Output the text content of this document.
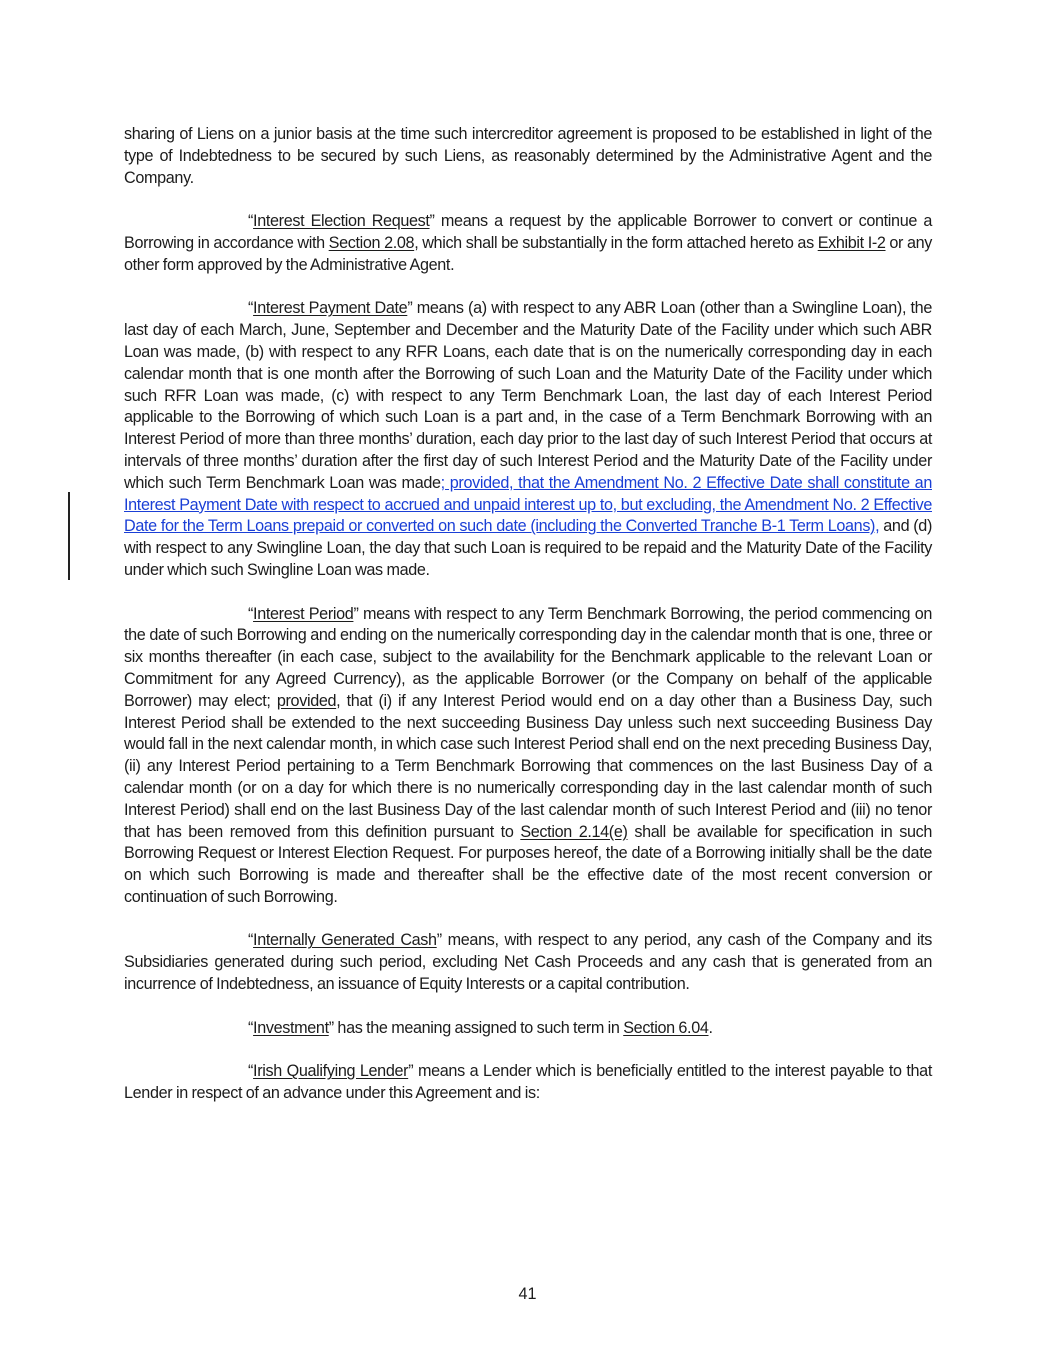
sharing of Liens on a junior basis at the time such intercreditor agreement is proposed to be established in light of the type of Indebtedness to be secured by such Liens, as reasonably determined by the Administrative Agent and the Company.

“Interest Election Request” means a request by the applicable Borrower to convert or continue a Borrowing in accordance with Section 2.08, which shall be substantially in the form attached hereto as Exhibit I-2 or any other form approved by the Administrative Agent.

“Interest Payment Date” means (a) with respect to any ABR Loan (other than a Swingline Loan), the last day of each March, June, September and December and the Maturity Date of the Facility under which such ABR Loan was made, (b) with respect to any RFR Loans, each date that is on the numerically corresponding day in each calendar month that is one month after the Borrowing of such Loan and the Maturity Date of the Facility under which such RFR Loan was made, (c) with respect to any Term Benchmark Loan, the last day of each Interest Period applicable to the Borrowing of which such Loan is a part and, in the case of a Term Benchmark Borrowing with an Interest Period of more than three months’ duration, each day prior to the last day of such Interest Period that occurs at intervals of three months’ duration after the first day of such Interest Period and the Maturity Date of the Facility under which such Term Benchmark Loan was made; provided, that the Amendment No. 2 Effective Date shall constitute an Interest Payment Date with respect to accrued and unpaid interest up to, but excluding, the Amendment No. 2 Effective Date for the Term Loans prepaid or converted on such date (including the Converted Tranche B-1 Term Loans), and (d) with respect to any Swingline Loan, the day that such Loan is required to be repaid and the Maturity Date of the Facility under which such Swingline Loan was made.

“Interest Period” means with respect to any Term Benchmark Borrowing, the period commencing on the date of such Borrowing and ending on the numerically corresponding day in the calendar month that is one, three or six months thereafter (in each case, subject to the availability for the Benchmark applicable to the relevant Loan or Commitment for any Agreed Currency), as the applicable Borrower (or the Company on behalf of the applicable Borrower) may elect; provided, that (i) if any Interest Period would end on a day other than a Business Day, such Interest Period shall be extended to the next succeeding Business Day unless such next succeeding Business Day would fall in the next calendar month, in which case such Interest Period shall end on the next preceding Business Day, (ii) any Interest Period pertaining to a Term Benchmark Borrowing that commences on the last Business Day of a calendar month (or on a day for which there is no numerically corresponding day in the last calendar month of such Interest Period) shall end on the last Business Day of the last calendar month of such Interest Period and (iii) no tenor that has been removed from this definition pursuant to Section 2.14(e) shall be available for specification in such Borrowing Request or Interest Election Request. For purposes hereof, the date of a Borrowing initially shall be the date on which such Borrowing is made and thereafter shall be the effective date of the most recent conversion or continuation of such Borrowing.

“Internally Generated Cash” means, with respect to any period, any cash of the Company and its Subsidiaries generated during such period, excluding Net Cash Proceeds and any cash that is generated from an incurrence of Indebtedness, an issuance of Equity Interests or a capital contribution.

“Investment” has the meaning assigned to such term in Section 6.04.

“Irish Qualifying Lender” means a Lender which is beneficially entitled to the interest payable to that Lender in respect of an advance under this Agreement and is:

41
